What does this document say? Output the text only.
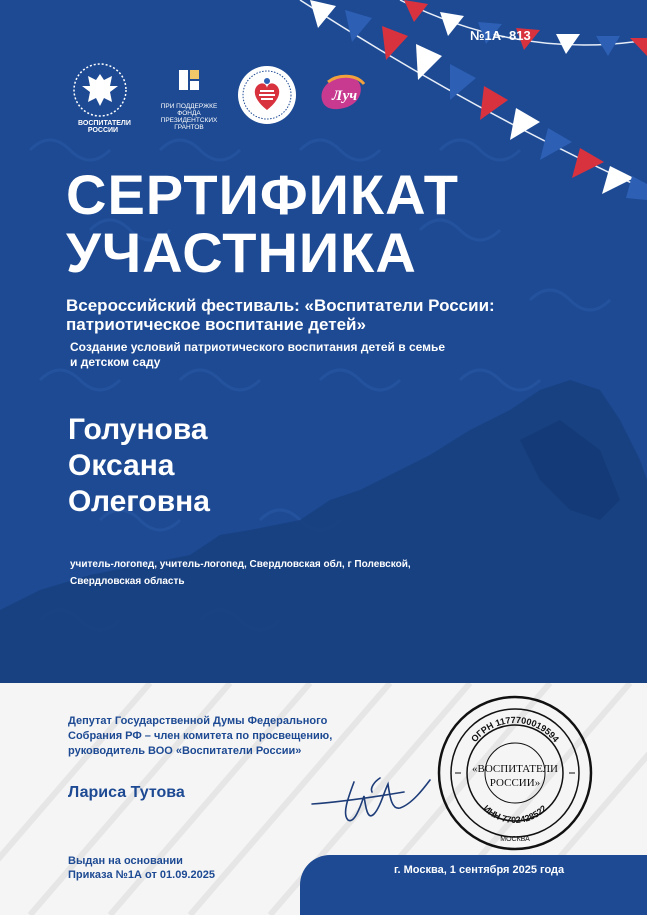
№1А- 813
ВОСПИТАТЕЛИ
РОССИИ
ПРИ ПОДДЕРЖКЕ
ФОНДА
ПРЕЗИДЕНТСКИХ
ГРАНТОВ
Луч
СЕРТИФИКАТ
УЧАСТНИКА
Всероссийский фестиваль: «Воспитатели России: патриотическое воспитание детей»
Создание условий патриотического воспитания детей в семье и детском саду
Голунова
Оксана
Олеговна
учитель-логопед, учитель-логопед, Свердловская обл, г Полевской, Свердловская область
Депутат Государственной Думы Федерального Собрания РФ – член комитета по просвещению, руководитель ВОО «Воспитатели России»
Лариса Тутова
ОГРН 1177700019594
ИНН 7702428522
«ВОСПИТАТЕЛИ
РОССИИ»
МОСКВА
Выдан на основании
Приказа №1А от 01.09.2025	г. Москва, 1 сентября 2025 года
